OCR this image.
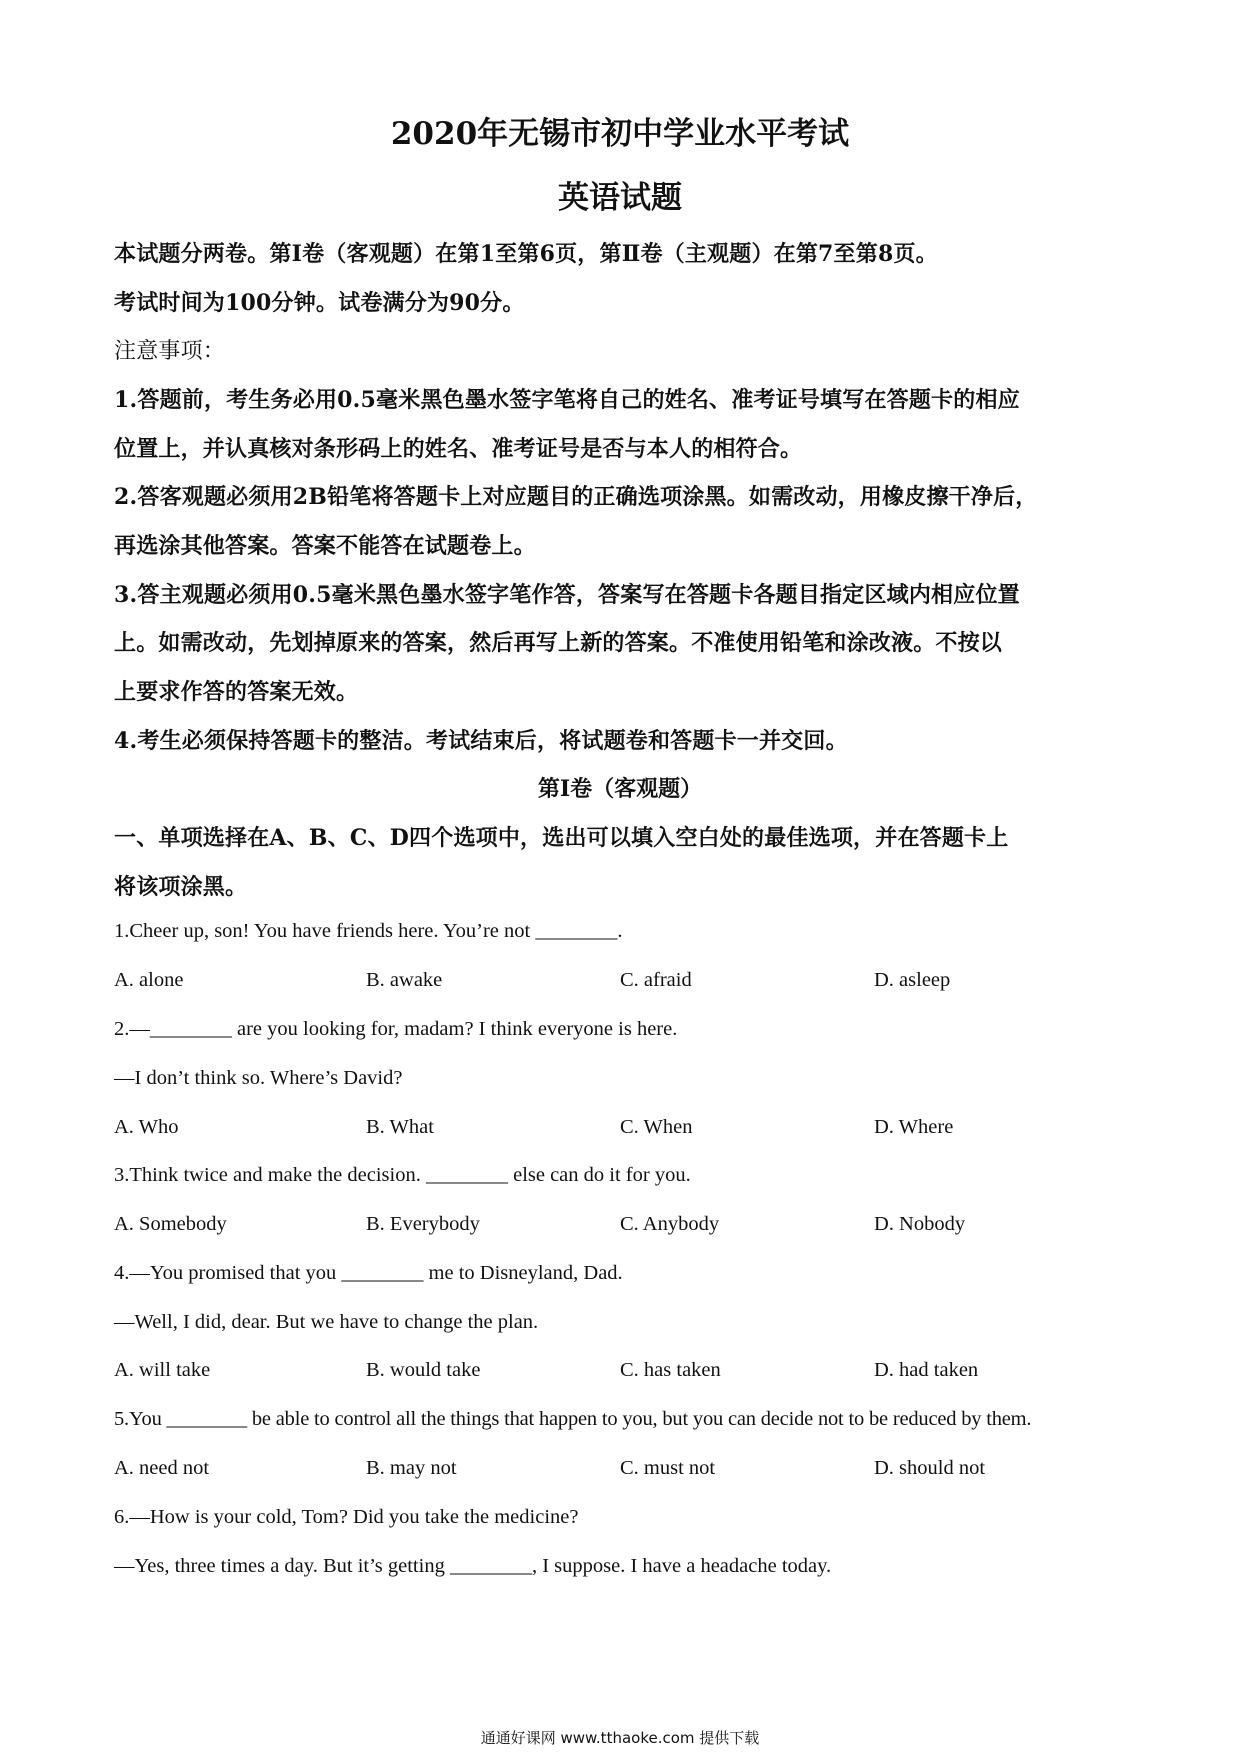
2020年无锡市初中学业水平考试
英语试题
本试题分两卷。第Ⅰ卷（客观题）在第1至第6页，第Ⅱ卷（主观题）在第7至第8页。
考试时间为100分钟。试卷满分为90分。
注意事项：
1.答题前，考生务必用0.5毫米黑色墨水签字笔将自己的姓名、准考证号填写在答题卡的相应
位置上，并认真核对条形码上的姓名、准考证号是否与本人的相符合。
2.答客观题必须用2B铅笔将答题卡上对应题目的正确选项涂黑。如需改动，用橡皮擦干净后，
再选涂其他答案。答案不能答在试题卷上。
3.答主观题必须用0.5毫米黑色墨水签字笔作答，答案写在答题卡各题目指定区域内相应位置
上。如需改动，先划掉原来的答案，然后再写上新的答案。不准使用铅笔和涂改液。不按以
上要求作答的答案无效。
4.考生必须保持答题卡的整洁。考试结束后，将试题卷和答题卡一并交回。
第Ⅰ卷（客观题）
一、单项选择在A、B、C、D四个选项中，选出可以填入空白处的最佳选项，并在答题卡上
将该项涂黑。
1.Cheer up, son! You have friends here. You’re not ________.
A. alone	B. awake	C. afraid	D. asleep
2.—________ are you looking for, madam? I think everyone is here.
—I don’t think so. Where’s David?
A. Who	B. What	C. When	D. Where
3.Think twice and make the decision. ________ else can do it for you.
A. Somebody	B. Everybody	C. Anybody	D. Nobody
4.—You promised that you ________ me to Disneyland, Dad.
—Well, I did, dear. But we have to change the plan.
A. will take	B. would take	C. has taken	D. had taken
5.You ________ be able to control all the things that happen to you, but you can decide not to be reduced by them.
A. need not	B. may not	C. must not	D. should not
6.—How is your cold, Tom? Did you take the medicine?
—Yes, three times a day. But it’s getting ________, I suppose. I have a headache today.
通通好课网 www.tthaoke.com 提供下载
